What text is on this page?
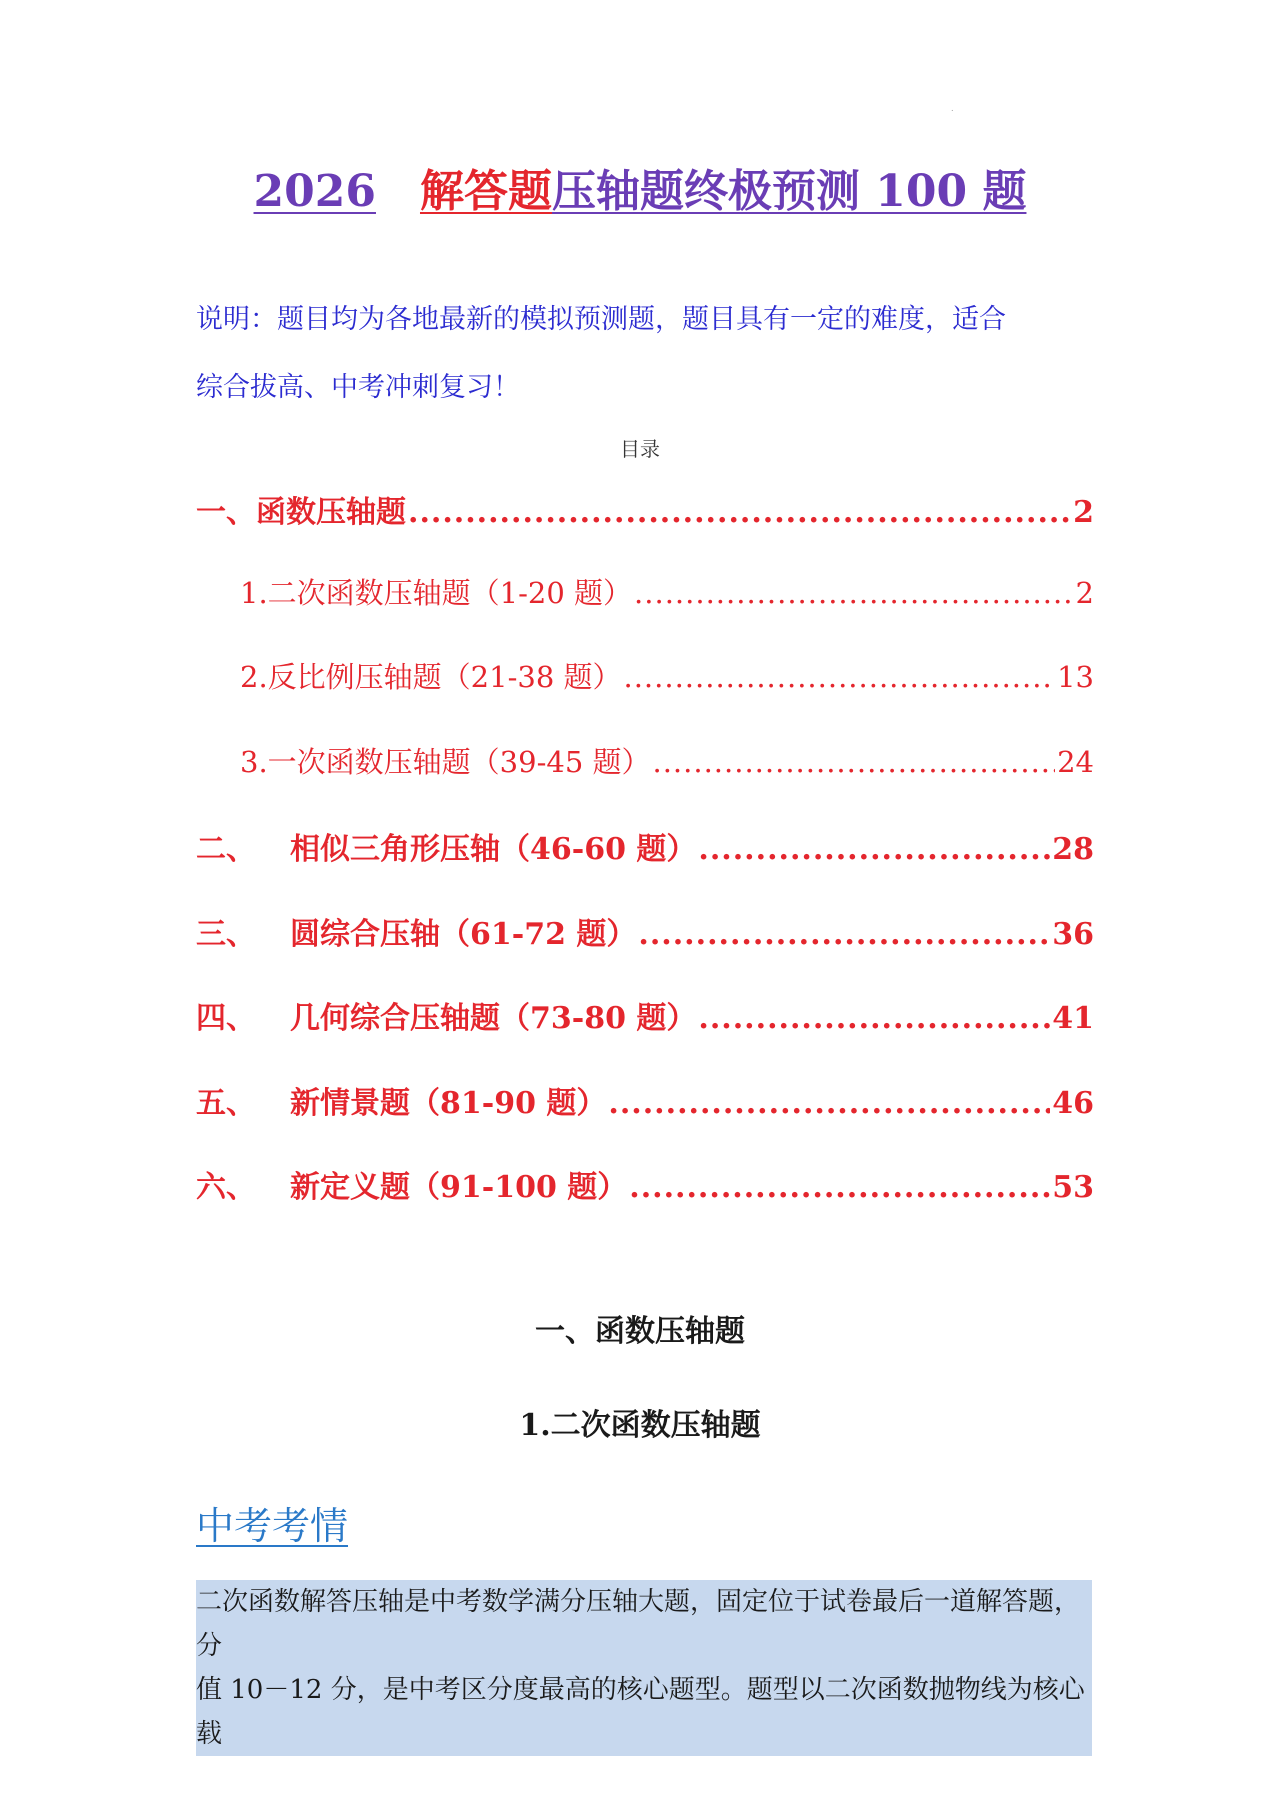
.
2026 解答题压轴题终极预测 100 题
说明：题目均为各地最新的模拟预测题，题目具有一定的难度，适合
综合拔高、中考冲刺复习！
目录
一、函数压轴题 .....	2
1.二次函数压轴题（1-20 题） .....	2
2.反比例压轴题（21-38 题） .....	13
3.一次函数压轴题（39-45 题） .....	24
二、 相似三角形压轴（46-60 题） .....	28
三、 圆综合压轴（61-72 题） .....	36
四、 几何综合压轴题（73-80 题） .....	41
五、 新情景题（81-90 题） .....	46
六、 新定义题（91-100 题） .....	53
一、函数压轴题
1.二次函数压轴题
中考考情
二次函数解答压轴是中考数学满分压轴大题，固定位于试卷最后一道解答题，分
值 10－12 分，是中考区分度最高的核心题型。题型以二次函数抛物线为核心载
